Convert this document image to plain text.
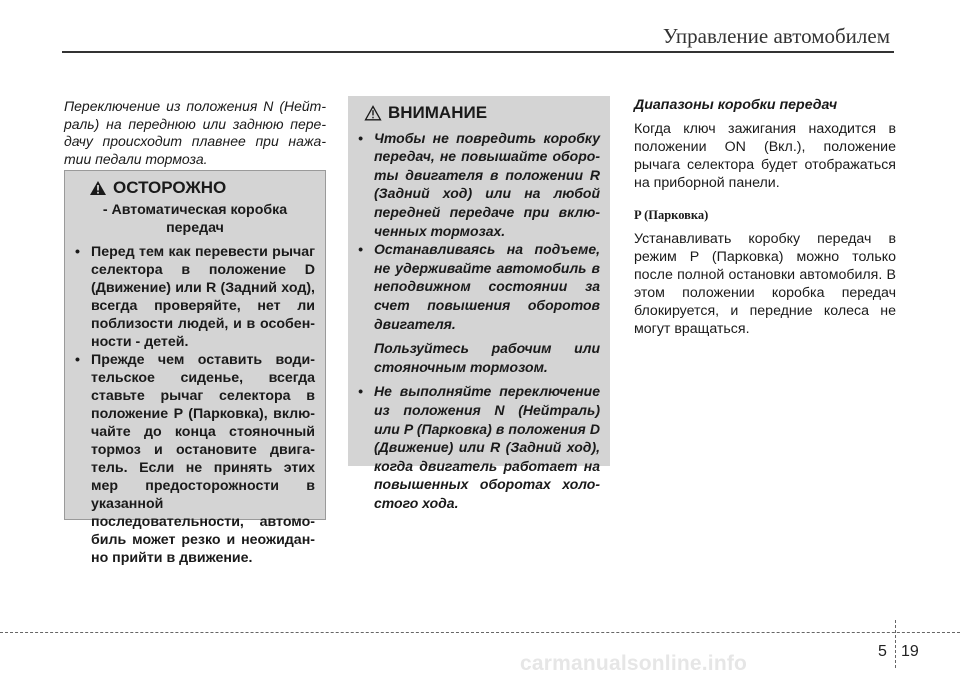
Управление автомобилем

Переключение из положения N (Нейт-раль) на переднюю или заднюю пере-дачу происходит плавнее при нажа-тии педали тормоза.

ОСТОРОЖНО

- Автоматическая коробка передач

• Перед тем как перевести рычаг селектора в положение D (Движение) или R (Задний ход), всегда проверяйте, нет ли поблизости людей, и в особен-ности - детей.
• Прежде чем оставить води-тельское сиденье, всегда ставьте рычаг селектора в положение P (Парковка), вклю-чайте до конца стояночный тормоз и остановите двига-тель. Если не принять этих мер предосторожности в указанной последовательности, автомо-биль может резко и неожидан-но прийти в движение.
ВНИМАНИЕ
• Чтобы не повредить коробку передач, не повышайте оборо-ты двигателя в положении R (Задний ход) или на любой передней передаче при вклю-ченных тормозах.
• Останавливаясь на подъеме, не удерживайте автомобиль в неподвижном состоянии за счет повышения оборотов двигателя.

Пользуйтесь рабочим или стояночным тормозом.

• Не выполняйте переключение из положения N (Нейтраль) или P (Парковка) в положения D (Движение) или R (Задний ход), когда двигатель работает на повышенных оборотах холо-стого хода.

Диапазоны коробки передач

Когда ключ зажигания находится в положении ON (Вкл.), положение рычага селектора будет отображаться на приборной панели.

P (Парковка)

Устанавливать коробку передач в режим P (Парковка) можно только после полной остановки автомобиля. В этом положении коробка передач блокируется, и передние колеса не могут вращаться.

5 19
carmanualsonline.info
